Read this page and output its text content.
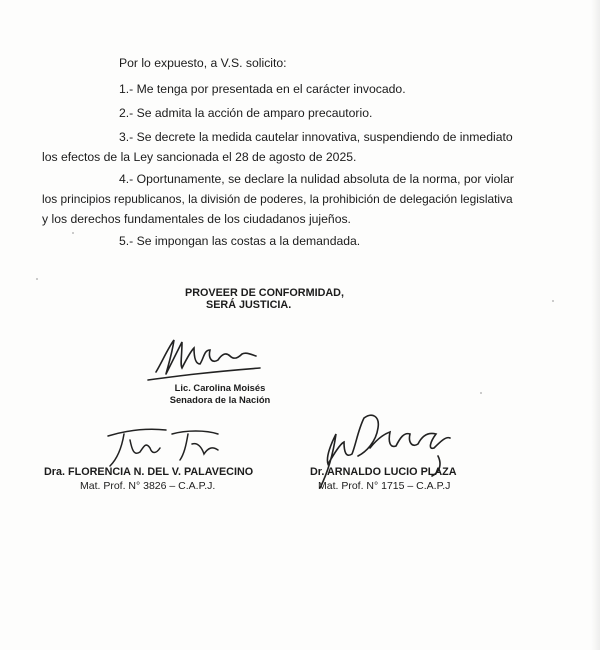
Por lo expuesto, a V.S. solicito:
1.- Me tenga por presentada en el carácter invocado.
2.- Se admita la acción de amparo precautorio.
3.- Se decrete la medida cautelar innovativa, suspendiendo de inmediato
los efectos de la Ley sancionada el 28 de agosto de 2025.
4.- Oportunamente, se declare la nulidad absoluta de la norma, por violar
los principios republicanos, la división de poderes, la prohibición de delegación legislativa
y los derechos fundamentales de los ciudadanos jujeños.
5.- Se impongan las costas a la demandada.
PROVEER DE CONFORMIDAD,
SERÁ JUSTICIA.
Lic. Carolina Moisés
Senadora de la Nación
Dra. FLORENCIA N. DEL V. PALAVECINO
Mat. Prof. N° 3826 – C.A.P.J.
Dr. ARNALDO LUCIO PLAZA
Mat. Prof. N° 1715 – C.A.P.J
